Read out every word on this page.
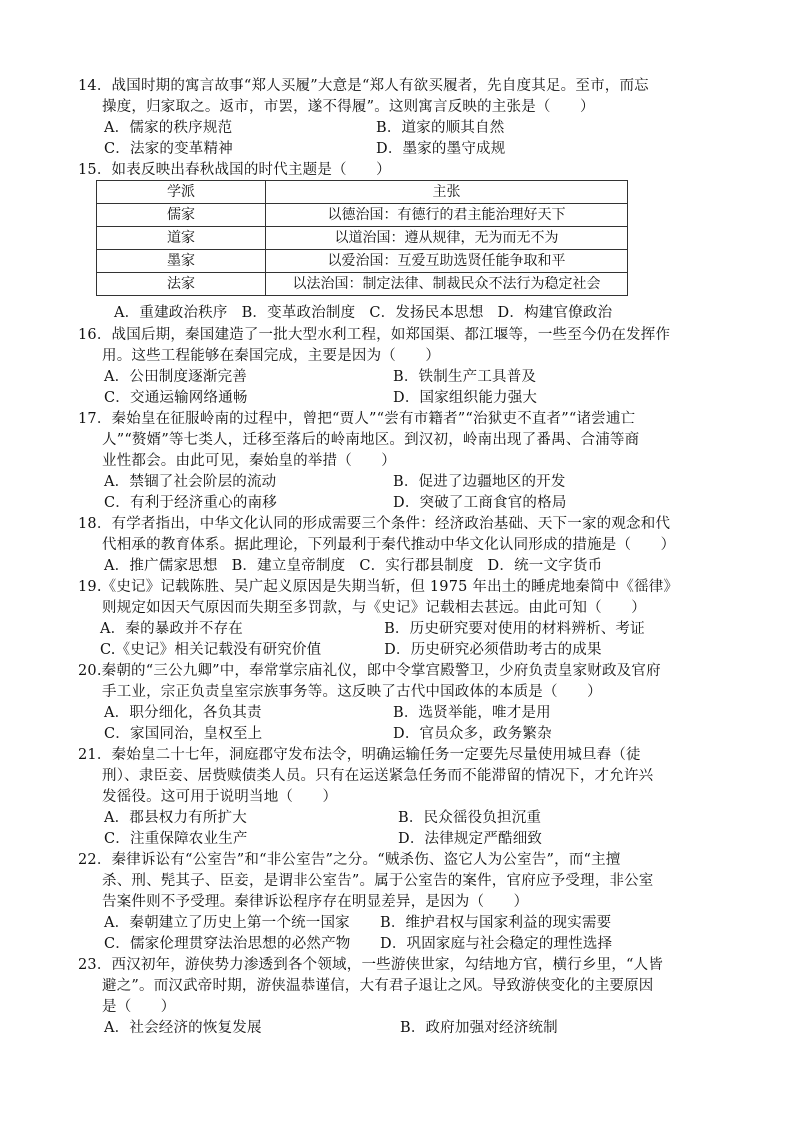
14．战国时期的寓言故事“郑人买履”大意是“郑人有欲买履者，先自度其足。至市，而忘
操度，归家取之。返市，市罢，遂不得履”。这则寓言反映的主张是（　　）
A．儒家的秩序规范	B．道家的顺其自然
C．法家的变革精神	D．墨家的墨守成规
15．如表反映出春秋战国的时代主题是（　　）
学派	主张
儒家	以德治国：有德行的君主能治理好天下
道家	以道治国：遵从规律，无为而无不为
墨家	以爱治国：互爱互助选贤任能争取和平
法家	以法治国：制定法律、制裁民众不法行为稳定社会
A．重建政治秩序 B．变革政治制度 C．发扬民本思想 D．构建官僚政治
16．战国后期，秦国建造了一批大型水利工程，如郑国渠、都江堰等，一些至今仍在发挥作
用。这些工程能够在秦国完成，主要是因为（　　）
A．公田制度逐渐完善	B．铁制生产工具普及
C．交通运输网络通畅	D．国家组织能力强大
17．秦始皇在征服岭南的过程中，曾把“贾人”“尝有市籍者”“治狱吏不直者”“诸尝逋亡
人”“赘婿”等七类人，迁移至落后的岭南地区。到汉初，岭南出现了番禺、合浦等商
业性都会。由此可见，秦始皇的举措（　　）
A．禁锢了社会阶层的流动	B．促进了边疆地区的开发
C．有利于经济重心的南移	D．突破了工商食官的格局
18．有学者指出，中华文化认同的形成需要三个条件：经济政治基础、天下一家的观念和代
代相承的教育体系。据此理论，下列最利于秦代推动中华文化认同形成的措施是（　　）
A．推广儒家思想 B．建立皇帝制度 C．实行郡县制度 D．统一文字货币
19.《史记》记载陈胜、吴广起义原因是失期当斩，但 1975 年出土的睡虎地秦简中《徭律》
则规定如因天气原因而失期至多罚款，与《史记》记载相去甚远。由此可知（　　）
A．秦的暴政并不存在	B．历史研究要对使用的材料辨析、考证
C.《史记》相关记载没有研究价值	D．历史研究必须借助考古的成果
20.秦朝的“三公九卿”中，奉常掌宗庙礼仪，郎中令掌宫殿警卫，少府负责皇家财政及官府
手工业，宗正负责皇室宗族事务等。这反映了古代中国政体的本质是（　　）
A．职分细化，各负其责	B．选贤举能，唯才是用
C．家国同治，皇权至上	D．官员众多，政务繁杂
21．秦始皇二十七年，洞庭郡守发布法令，明确运输任务一定要先尽量使用城旦舂（徒
刑）、隶臣妾、居赀赎债类人员。只有在运送紧急任务而不能滞留的情况下，才允许兴
发徭役。这可用于说明当地（　　）
A．郡县权力有所扩大	B．民众徭役负担沉重
C．注重保障农业生产	D．法律规定严酷细致
22．秦律诉讼有“公室告”和“非公室告”之分。“贼杀伤、盗它人为公室告”，而“主擅
杀、刑、髡其子、臣妾，是谓非公室告”。属于公室告的案件，官府应予受理，非公室
告案件则不予受理。秦律诉讼程序存在明显差异，是因为（　　）
A．秦朝建立了历史上第一个统一国家	B．维护君权与国家利益的现实需要
C．儒家伦理贯穿法治思想的必然产物	D．巩固家庭与社会稳定的理性选择
23．西汉初年，游侠势力渗透到各个领域，一些游侠世家，勾结地方官，横行乡里，“人皆
避之”。而汉武帝时期，游侠温恭谨信，大有君子退让之风。导致游侠变化的主要原因
是（　　）
A．社会经济的恢复发展	B．政府加强对经济统制
